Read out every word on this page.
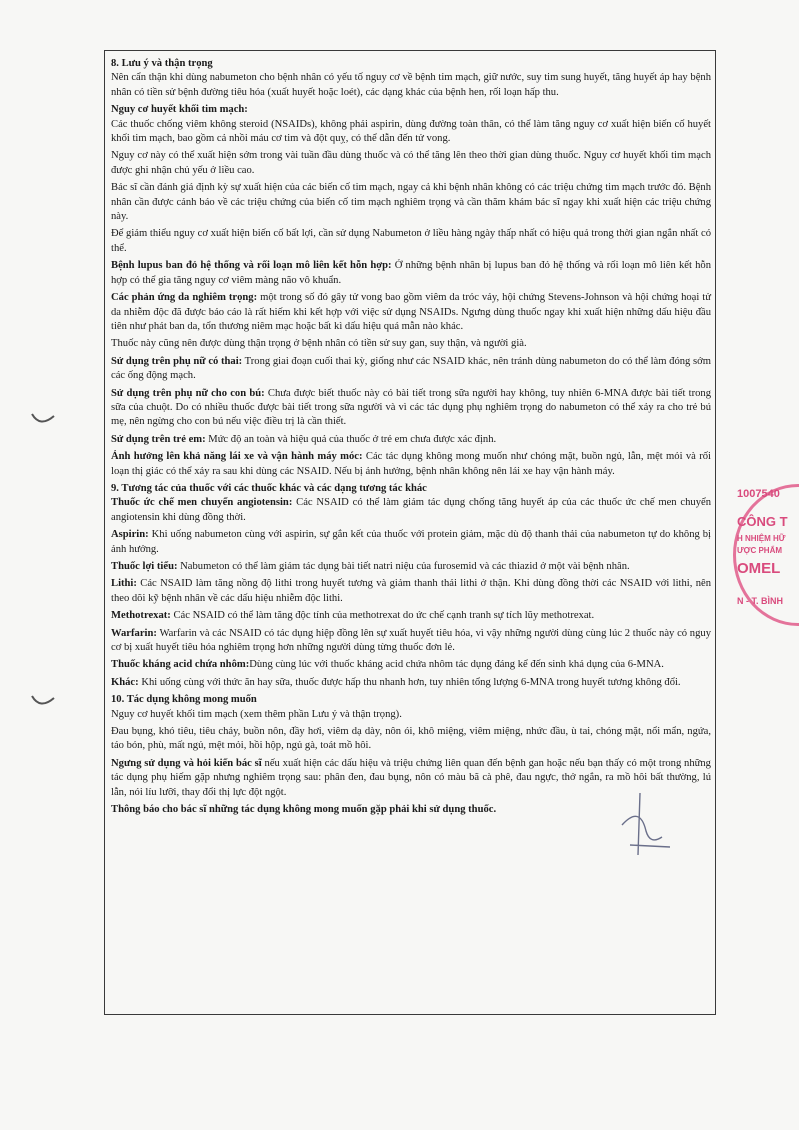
8. Lưu ý và thận trọng

Nên cẩn thận khi dùng nabumeton cho bệnh nhân có yếu tố nguy cơ về bệnh tim mạch, giữ nước, suy tim sung huyết, tăng huyết áp hay bệnh nhân có tiền sử bệnh đường tiêu hóa (xuất huyết hoặc loét), các dạng khác của bệnh hen, rối loạn hấp thu.

Nguy cơ huyết khối tim mạch:

Các thuốc chống viêm không steroid (NSAIDs), không phải aspirin, dùng đường toàn thân, có thể làm tăng nguy cơ xuất hiện biến cố huyết khối tim mạch, bao gồm cả nhồi máu cơ tim và đột quỵ, có thể dẫn đến tử vong.

Nguy cơ này có thể xuất hiện sớm trong vài tuần đầu dùng thuốc và có thể tăng lên theo thời gian dùng thuốc. Nguy cơ huyết khối tim mạch được ghi nhận chủ yếu ở liều cao.

Bác sĩ cần đánh giá định kỳ sự xuất hiện của các biến cố tim mạch, ngay cả khi bệnh nhân không có các triệu chứng tim mạch trước đó. Bệnh nhân cần được cảnh báo về các triệu chứng của biến cố tim mạch nghiêm trọng và cần thăm khám bác sĩ ngay khi xuất hiện các triệu chứng này.

Để giảm thiểu nguy cơ xuất hiện biến cố bất lợi, cần sử dụng Nabumeton ở liều hàng ngày thấp nhất có hiệu quả trong thời gian ngắn nhất có thể.

Bệnh lupus ban đỏ hệ thống và rối loạn mô liên kết hỗn hợp: Ở những bệnh nhân bị lupus ban đỏ hệ thống và rối loạn mô liên kết hỗn hợp có thể gia tăng nguy cơ viêm màng não vô khuẩn.

Các phản ứng da nghiêm trọng: một trong số đó gây tử vong bao gồm viêm da tróc vảy, hội chứng Stevens-Johnson và hội chứng hoại tử da nhiễm độc đã được báo cáo là rất hiếm khi kết hợp với việc sử dụng NSAIDs. Ngưng dùng thuốc ngay khi xuất hiện những dấu hiệu đầu tiên như phát ban da, tổn thương niêm mạc hoặc bất kì dấu hiệu quá mẫn nào khác.

Thuốc này cũng nên được dùng thận trọng ở bệnh nhân có tiền sử suy gan, suy thận, và người già.

Sử dụng trên phụ nữ có thai: Trong giai đoạn cuối thai kỳ, giống như các NSAID khác, nên tránh dùng nabumeton do có thể làm đóng sớm các ống động mạch.

Sử dụng trên phụ nữ cho con bú: Chưa được biết thuốc này có bài tiết trong sữa người hay không, tuy nhiên 6-MNA được bài tiết trong sữa của chuột. Do có nhiều thuốc được bài tiết trong sữa người và vì các tác dụng phụ nghiêm trọng do nabumeton có thể xảy ra cho trẻ bú mẹ, nên ngừng cho con bú nếu việc điều trị là cần thiết.

Sử dụng trên trẻ em: Mức độ an toàn và hiệu quả của thuốc ở trẻ em chưa được xác định.

Ảnh hưởng lên khả năng lái xe và vận hành máy móc: Các tác dụng không mong muốn như chóng mặt, buồn ngủ, lẫn, mệt mỏi và rối loạn thị giác có thể xảy ra sau khi dùng các NSAID. Nếu bị ảnh hưởng, bệnh nhân không nên lái xe hay vận hành máy.

9. Tương tác của thuốc với các thuốc khác và các dạng tương tác khác

Thuốc ức chế men chuyển angiotensin: Các NSAID có thể làm giảm tác dụng chống tăng huyết áp của các thuốc ức chế men chuyển angiotensin khi dùng đồng thời.

Aspirin: Khi uống nabumeton cùng với aspirin, sự gắn kết của thuốc với protein giảm, mặc dù độ thanh thải của nabumeton tự do không bị ảnh hưởng.

Thuốc lợi tiểu: Nabumeton có thể làm giảm tác dụng bài tiết natri niệu của furosemid và các thiazid ở một vài bệnh nhân.

Lithi: Các NSAID làm tăng nồng độ lithi trong huyết tương và giảm thanh thải lithi ở thận. Khi dùng đồng thời các NSAID với lithi, nên theo dõi kỹ bệnh nhân về các dấu hiệu nhiễm độc lithi.

Methotrexat: Các NSAID có thể làm tăng độc tính của methotrexat do ức chế cạnh tranh sự tích lũy methotrexat.

Warfarin: Warfarin và các NSAID có tác dụng hiệp đồng lên sự xuất huyết tiêu hóa, vì vậy những người dùng cùng lúc 2 thuốc này có nguy cơ bị xuất huyết tiêu hóa nghiêm trọng hơn những người dùng từng thuốc đơn lẻ.

Thuốc kháng acid chứa nhôm:Dùng cùng lúc với thuốc kháng acid chứa nhôm tác dụng đáng kể đến sinh khả dụng của 6-MNA.

Khác: Khi uống cùng với thức ăn hay sữa, thuốc được hấp thu nhanh hơn, tuy nhiên tổng lượng 6-MNA trong huyết tương không đổi.

10. Tác dụng không mong muốn

Nguy cơ huyết khối tim mạch (xem thêm phần Lưu ý và thận trọng).

Đau bụng, khó tiêu, tiêu chảy, buồn nôn, đầy hơi, viêm dạ dày, nôn ói, khô miệng, viêm miệng, nhức đầu, ù tai, chóng mặt, nổi mẩn, ngứa, táo bón, phù, mất ngủ, mệt mỏi, hồi hộp, ngủ gà, toát mồ hôi.

Ngưng sử dụng và hỏi kiến bác sĩ nếu xuất hiện các dấu hiệu và triệu chứng liên quan đến bệnh gan hoặc nếu bạn thấy có một trong những tác dụng phụ hiếm gặp nhưng nghiêm trọng sau: phân đen, đau bụng, nôn có màu bã cà phê, đau ngực, thở ngắn, ra mồ hôi bất thường, lú lẫn, nói líu lưỡi, thay đổi thị lực đột ngột.

Thông báo cho bác sĩ những tác dụng không mong muốn gặp phải khi sử dụng thuốc.

1007540
CÔNG T
H NHIỆM HỮ
ƯỢC PHẨM
OMEL
N - T. BÌNH
